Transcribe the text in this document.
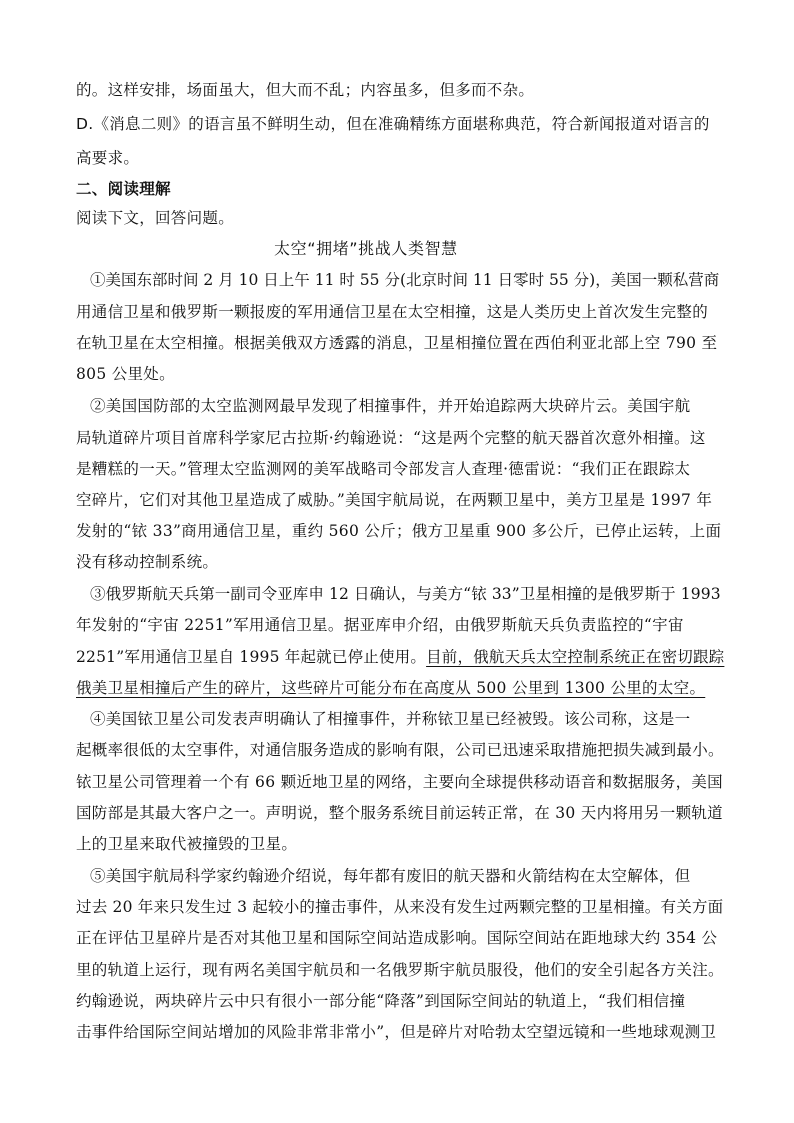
的。这样安排，场面虽大，但大而不乱；内容虽多，但多而不杂。
D.《消息二则》的语言虽不鲜明生动，但在准确精练方面堪称典范，符合新闻报道对语言的
高要求。
二、阅读理解
阅读下文，回答问题。
太空“拥堵”挑战人类智慧
①美国东部时间 2 月 10 日上午 11 时 55 分(北京时间 11 日零时 55 分)，美国一颗私营商
用通信卫星和俄罗斯一颗报废的军用通信卫星在太空相撞，这是人类历史上首次发生完整的
在轨卫星在太空相撞。根据美俄双方透露的消息，卫星相撞位置在西伯利亚北部上空 790 至
805 公里处。
②美国国防部的太空监测网最早发现了相撞事件，并开始追踪两大块碎片云。美国宇航
局轨道碎片项目首席科学家尼古拉斯·约翰逊说：“这是两个完整的航天器首次意外相撞。这
是糟糕的一天。”管理太空监测网的美军战略司令部发言人查理·德雷说：“我们正在跟踪太
空碎片，它们对其他卫星造成了威胁。”美国宇航局说，在两颗卫星中，美方卫星是 1997 年
发射的“铱 33”商用通信卫星，重约 560 公斤；俄方卫星重 900 多公斤，已停止运转，上面
没有移动控制系统。
③俄罗斯航天兵第一副司令亚库申 12 日确认，与美方“铱 33”卫星相撞的是俄罗斯于 1993
年发射的“宇宙 2251”军用通信卫星。据亚库申介绍，由俄罗斯航天兵负责监控的“宇宙
2251”军用通信卫星自 1995 年起就已停止使用。目前，俄航天兵太空控制系统正在密切跟踪
俄美卫星相撞后产生的碎片，这些碎片可能分布在高度从 500 公里到 1300 公里的太空。
④美国铱卫星公司发表声明确认了相撞事件，并称铱卫星已经被毁。该公司称，这是一
起概率很低的太空事件，对通信服务造成的影响有限，公司已迅速采取措施把损失减到最小。
铱卫星公司管理着一个有 66 颗近地卫星的网络，主要向全球提供移动语音和数据服务，美国
国防部是其最大客户之一。声明说，整个服务系统目前运转正常，在 30 天内将用另一颗轨道
上的卫星来取代被撞毁的卫星。
⑤美国宇航局科学家约翰逊介绍说，每年都有废旧的航天器和火箭结构在太空解体，但
过去 20 年来只发生过 3 起较小的撞击事件，从来没有发生过两颗完整的卫星相撞。有关方面
正在评估卫星碎片是否对其他卫星和国际空间站造成影响。国际空间站在距地球大约 354 公
里的轨道上运行，现有两名美国宇航员和一名俄罗斯宇航员服役，他们的安全引起各方关注。
约翰逊说，两块碎片云中只有很小一部分能“降落”到国际空间站的轨道上，“我们相信撞
击事件给国际空间站增加的风险非常非常小”，但是碎片对哈勃太空望远镜和一些地球观测卫
